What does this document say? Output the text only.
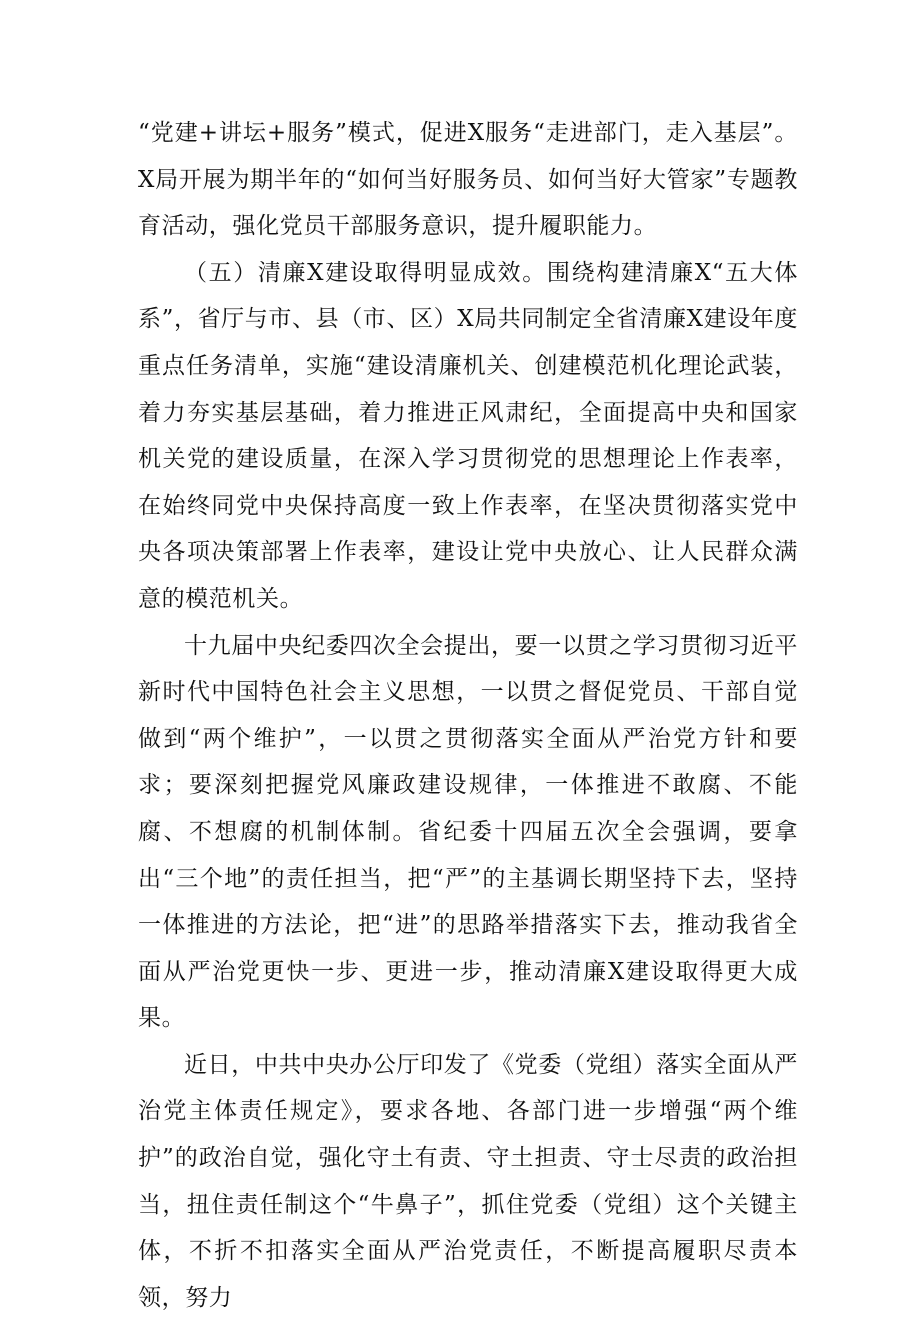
“党建+讲坛+服务”模式，促进X服务“走进部门，走入基层”。X局开展为期半年的“如何当好服务员、如何当好大管家”专题教育活动，强化党员干部服务意识，提升履职能力。

（五）清廉X建设取得明显成效。围绕构建清廉X“五大体系”，省厅与市、县（市、区）X局共同制定全省清廉X建设年度重点任务清单，实施“建设清廉机关、创建模范机化理论武装，着力夯实基层基础，着力推进正风肃纪，全面提高中央和国家机关党的建设质量，在深入学习贯彻党的思想理论上作表率，在始终同党中央保持高度一致上作表率，在坚决贯彻落实党中央各项决策部署上作表率，建设让党中央放心、让人民群众满意的模范机关。

十九届中央纪委四次全会提出，要一以贯之学习贯彻习近平新时代中国特色社会主义思想，一以贯之督促党员、干部自觉做到“两个维护”，一以贯之贯彻落实全面从严治党方针和要求；要深刻把握党风廉政建设规律，一体推进不敢腐、不能腐、不想腐的机制体制。省纪委十四届五次全会强调，要拿出“三个地”的责任担当，把“严”的主基调长期坚持下去，坚持一体推进的方法论，把“进”的思路举措落实下去，推动我省全面从严治党更快一步、更进一步，推动清廉X建设取得更大成果。

近日，中共中央办公厅印发了《党委（党组）落实全面从严治党主体责任规定》，要求各地、各部门进一步增强“两个维护”的政治自觉，强化守土有责、守土担责、守士尽责的政治担当，扭住责任制这个“牛鼻子”，抓住党委（党组）这个关键主体，不折不扣落实全面从严治党责任，不断提高履职尽责本领，努力
